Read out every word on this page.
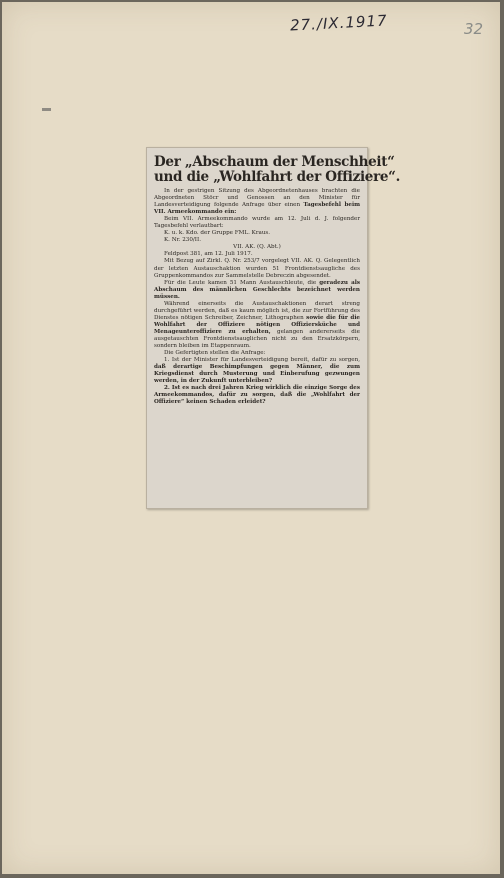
27./IX.1917	32
Der „Abschaum der Menschheit“
und die „Wohlfahrt der Offiziere“.

In der gestrigen Sitzung des Abgeordnetenhauses brachten die Abgeordneten Stöcr und Genossen an den Minister für Landesverteidigung folgende Anfrage über einen Tagesbefehl beim VII. Armeekommando ein:

Beim VII. Armeekommando wurde am 12. Juli d. J. folgender Tagesbefehl verlautbart:

K. u. k. Kdo. der Gruppe FML. Kraus.

K. Nr. 230/II.

VII. AK. (Q. Abt.)

Feldpost 381, am 12. Juli 1917.

Mit Bezug auf Zirkl. Q. Nr. 253/7 vorgelegt VII. AK. Q. Gelegentlich der letzten Austauschaktion wurden 51 Frontdienstsaugliche des Gruppenkommandos zur Sammelstelle Debreczin abgesendet.

Für die Leute kamen 51 Mann Austauschleute, die geradezu als Abschaum des männlichen Geschlechts bezeichnet werden müssen.

Während einerseits die Austauschaktionen derart streng durchgeführt werden, daß es kaum möglich ist, die zur Fortführung des Dienstes nötigen Schreiber, Zeichner, Lithographen sowie die für die Wohlfahrt der Offiziere nötigen Offiziersküche und Menageunteroffiziere zu erhalten, gelangen andererseits die ausgetauschten Frontdienstsauglichen nicht zu den Ersatzkörpern, sondern bleiben im Etappenraum.

Die Gefertigten stellen die Anfrage:

1. Ist der Minister für Landesverteidigung bereit, dafür zu sorgen, daß derartige Beschimpfungen gegen Männer, die zum Kriegsdienst durch Musterung und Einberufung gezwungen werden, in der Zukunft unterbleiben?

2. Ist es nach drei Jahren Krieg wirklich die einzige Sorge des Armeekommandos, dafür zu sorgen, daß die „Wohlfahrt der Offiziere“ keinen Schaden erleidet?
